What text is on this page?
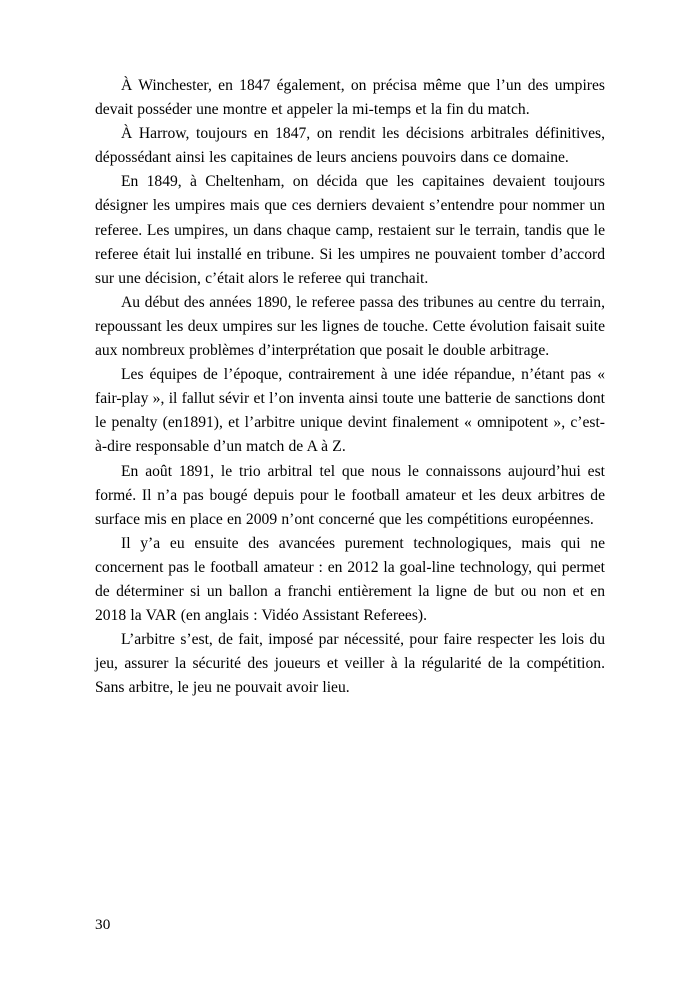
À Winchester, en 1847 également, on précisa même que l’un des umpires devait posséder une montre et appeler la mi-temps et la fin du match.

À Harrow, toujours en 1847, on rendit les décisions arbitrales définitives, dépossédant ainsi les capitaines de leurs anciens pouvoirs dans ce domaine.

En 1849, à Cheltenham, on décida que les capitaines devaient toujours désigner les umpires mais que ces derniers devaient s’entendre pour nommer un referee. Les umpires, un dans chaque camp, restaient sur le terrain, tandis que le referee était lui installé en tribune. Si les umpires ne pouvaient tomber d’accord sur une décision, c’était alors le referee qui tranchait.

Au début des années 1890, le referee passa des tribunes au centre du terrain, repoussant les deux umpires sur les lignes de touche. Cette évolution faisait suite aux nombreux problèmes d’interprétation que posait le double arbitrage.

Les équipes de l’époque, contrairement à une idée répandue, n’étant pas « fair-play », il fallut sévir et l’on inventa ainsi toute une batterie de sanctions dont le penalty (en1891), et l’arbitre unique devint finalement « omnipotent », c’est-à-dire responsable d’un match de A à Z.

En août 1891, le trio arbitral tel que nous le connaissons aujourd’hui est formé. Il n’a pas bougé depuis pour le football amateur et les deux arbitres de surface mis en place en 2009 n’ont concerné que les compétitions européennes.

Il y’a eu ensuite des avancées purement technologiques, mais qui ne concernent pas le football amateur : en 2012 la goal-line technology, qui permet de déterminer si un ballon a franchi entièrement la ligne de but ou non et en 2018 la VAR (en anglais : Vidéo Assistant Referees).

L’arbitre s’est, de fait, imposé par nécessité, pour faire respecter les lois du jeu, assurer la sécurité des joueurs et veiller à la régularité de la compétition. Sans arbitre, le jeu ne pouvait avoir lieu.

30
